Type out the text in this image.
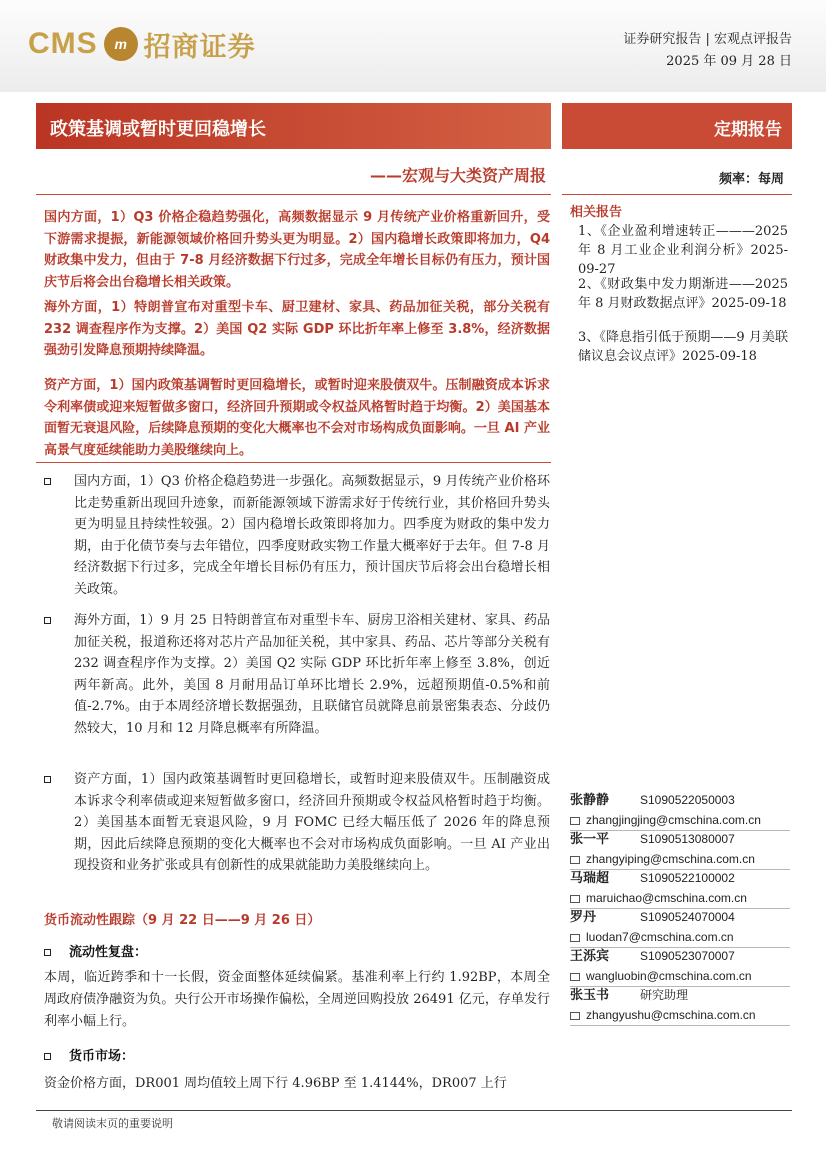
CMS	m 招商证券	证券研究报告 | 宏观点评报告
2025 年 09 月 28 日
政策基调或暂时更回稳增长	定期报告
——宏观与大类资产周报	频率：每周
国内方面，1）Q3 价格企稳趋势强化，高频数据显示 9 月传统产业价格重新回升，受下游需求提振，新能源领域价格回升势头更为明显。2）国内稳增长政策即将加力，Q4 财政集中发力，但由于 7-8 月经济数据下行过多，完成全年增长目标仍有压力，预计国庆节后将会出台稳增长相关政策。
海外方面，1）特朗普宣布对重型卡车、厨卫建材、家具、药品加征关税，部分关税有 232 调查程序作为支撑。2）美国 Q2 实际 GDP 环比折年率上修至 3.8%，经济数据强劲引发降息预期持续降温。
资产方面，1）国内政策基调暂时更回稳增长，或暂时迎来股债双牛。压制融资成本诉求令利率债或迎来短暂做多窗口，经济回升预期或令权益风格暂时趋于均衡。2）美国基本面暂无衰退风险，后续降息预期的变化大概率也不会对市场构成负面影响。一旦 AI 产业高景气度延续能助力美股继续向上。
国内方面，1）Q3 价格企稳趋势进一步强化。高频数据显示，9 月传统产业价格环比走势重新出现回升迹象，而新能源领域下游需求好于传统行业，其价格回升势头更为明显且持续性较强。2）国内稳增长政策即将加力。四季度为财政的集中发力期，由于化债节奏与去年错位，四季度财政实物工作量大概率好于去年。但 7-8 月经济数据下行过多，完成全年增长目标仍有压力，预计国庆节后将会出台稳增长相关政策。
海外方面，1）9 月 25 日特朗普宣布对重型卡车、厨房卫浴相关建材、家具、药品加征关税，报道称还将对芯片产品加征关税，其中家具、药品、芯片等部分关税有 232 调查程序作为支撑。2）美国 Q2 实际 GDP 环比折年率上修至 3.8%，创近两年新高。此外，美国 8 月耐用品订单环比增长 2.9%，远超预期值-0.5%和前值-2.7%。由于本周经济增长数据强劲，且联储官员就降息前景密集表态、分歧仍然较大，10 月和 12 月降息概率有所降温。
资产方面，1）国内政策基调暂时更回稳增长，或暂时迎来股债双牛。压制融资成本诉求令利率债或迎来短暂做多窗口，经济回升预期或令权益风格暂时趋于均衡。2）美国基本面暂无衰退风险，9 月 FOMC 已经大幅压低了 2026 年的降息预期，因此后续降息预期的变化大概率也不会对市场构成负面影响。一旦 AI 产业出现投资和业务扩张或具有创新性的成果就能助力美股继续向上。
货币流动性跟踪（9 月 22 日——9 月 26 日）
流动性复盘：
本周，临近跨季和十一长假，资金面整体延续偏紧。基准利率上行约 1.92BP，本周全周政府债净融资为负。央行公开市场操作偏松，全周逆回购投放 26491 亿元，存单发行利率小幅上行。
货币市场：
资金价格方面，DR001 周均值较上周下行 4.96BP 至 1.4144%，DR007 上行
相关报告
1、《企业盈利增速转正———2025 年 8 月工业企业利润分析》2025-09-27
2、《财政集中发力期渐进——2025 年 8 月财政数据点评》2025-09-18
3、《降息指引低于预期——9 月美联储议息会议点评》2025-09-18
张静静	S1090522050003
zhangjingjing@cmschina.com.cn
张一平	S1090513080007
zhangyiping@cmschina.com.cn
马瑞超	S1090522100002
maruichao@cmschina.com.cn
罗丹	S1090524070004
luodan7@cmschina.com.cn
王泺宾	S1090523070007
wangluobin@cmschina.com.cn
张玉书	研究助理
zhangyushu@cmschina.com.cn
敬请阅读末页的重要说明
